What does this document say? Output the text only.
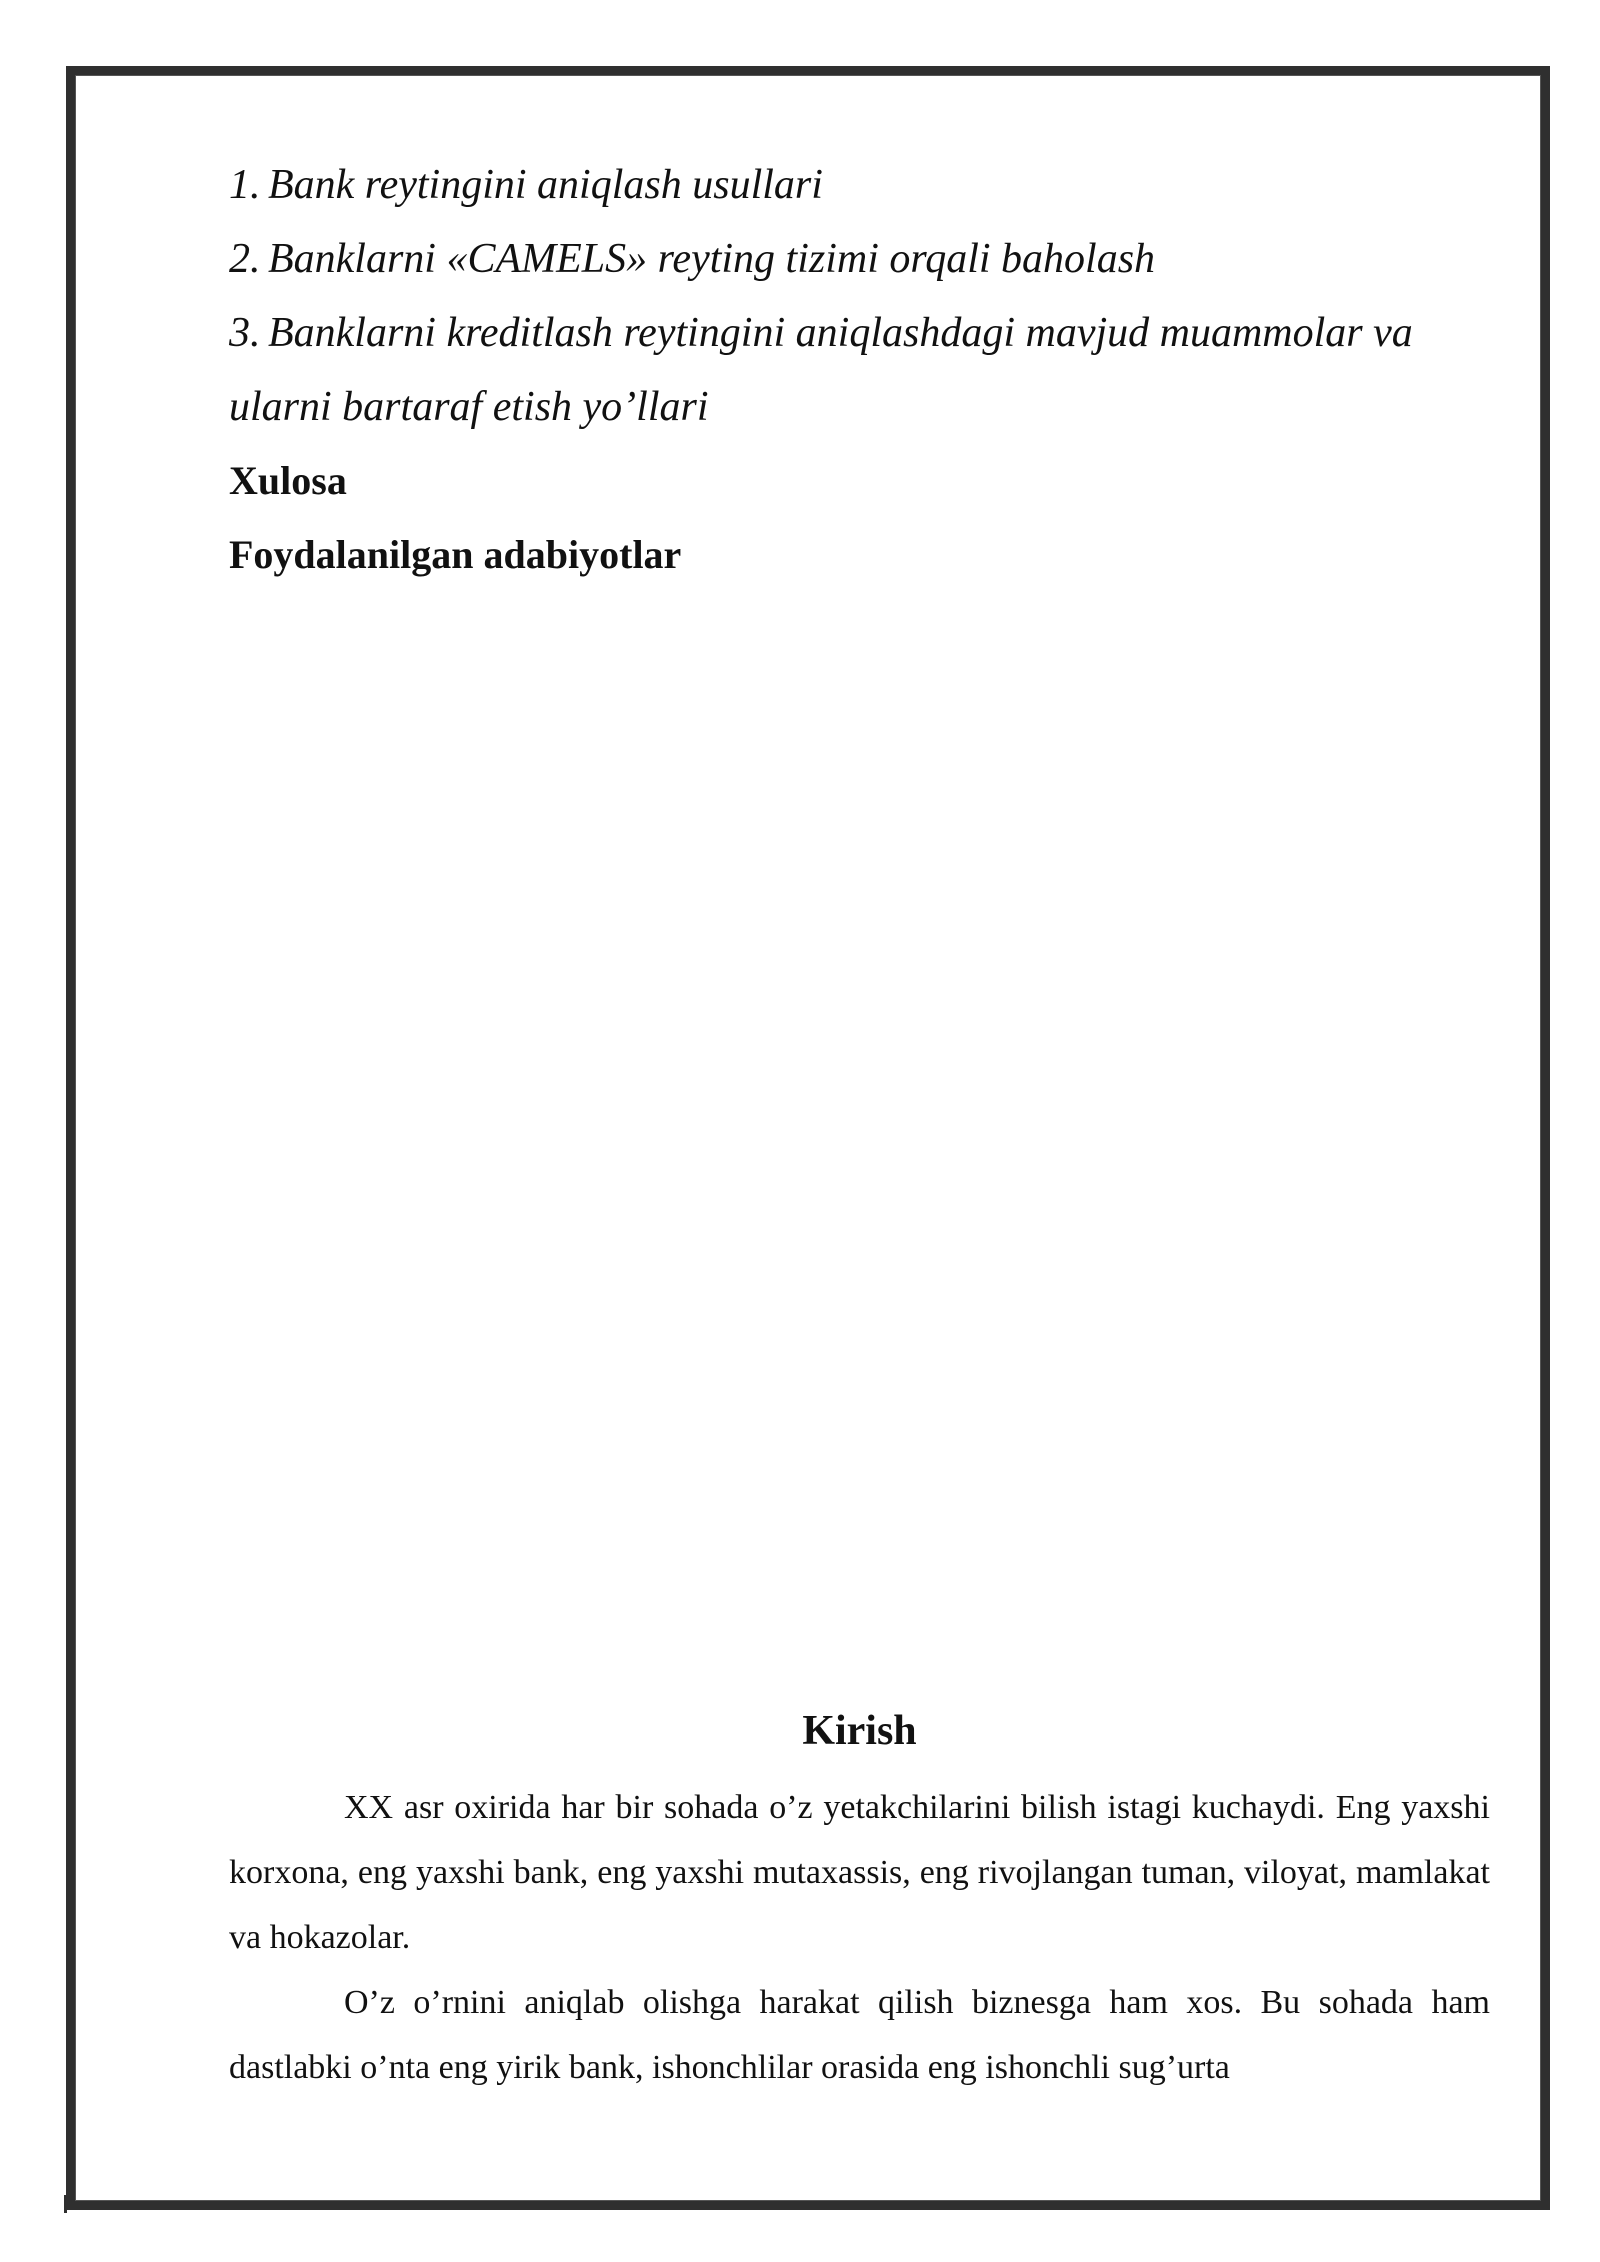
1. Bank reytingini aniqlash usullari

2. Banklarni «CAMELS» reyting tizimi orqali baholash

3. Banklarni kreditlash reytingini aniqlashdagi mavjud muammolar va

ularni bartaraf etish yo’llari

Xulosa

Foydalanilgan adabiyotlar

Kirish

XX asr oxirida har bir sohada o’z yetakchilarini bilish istagi kuchaydi. Eng yaxshi korxona, eng yaxshi bank, eng yaxshi mutaxassis, eng rivojlangan tuman, viloyat, mamlakat va hokazolar.

O’z o’rnini aniqlab olishga harakat qilish biznesga ham xos. Bu sohada ham dastlabki o’nta eng yirik bank, ishonchlilar orasida eng ishonchli sug’urta
